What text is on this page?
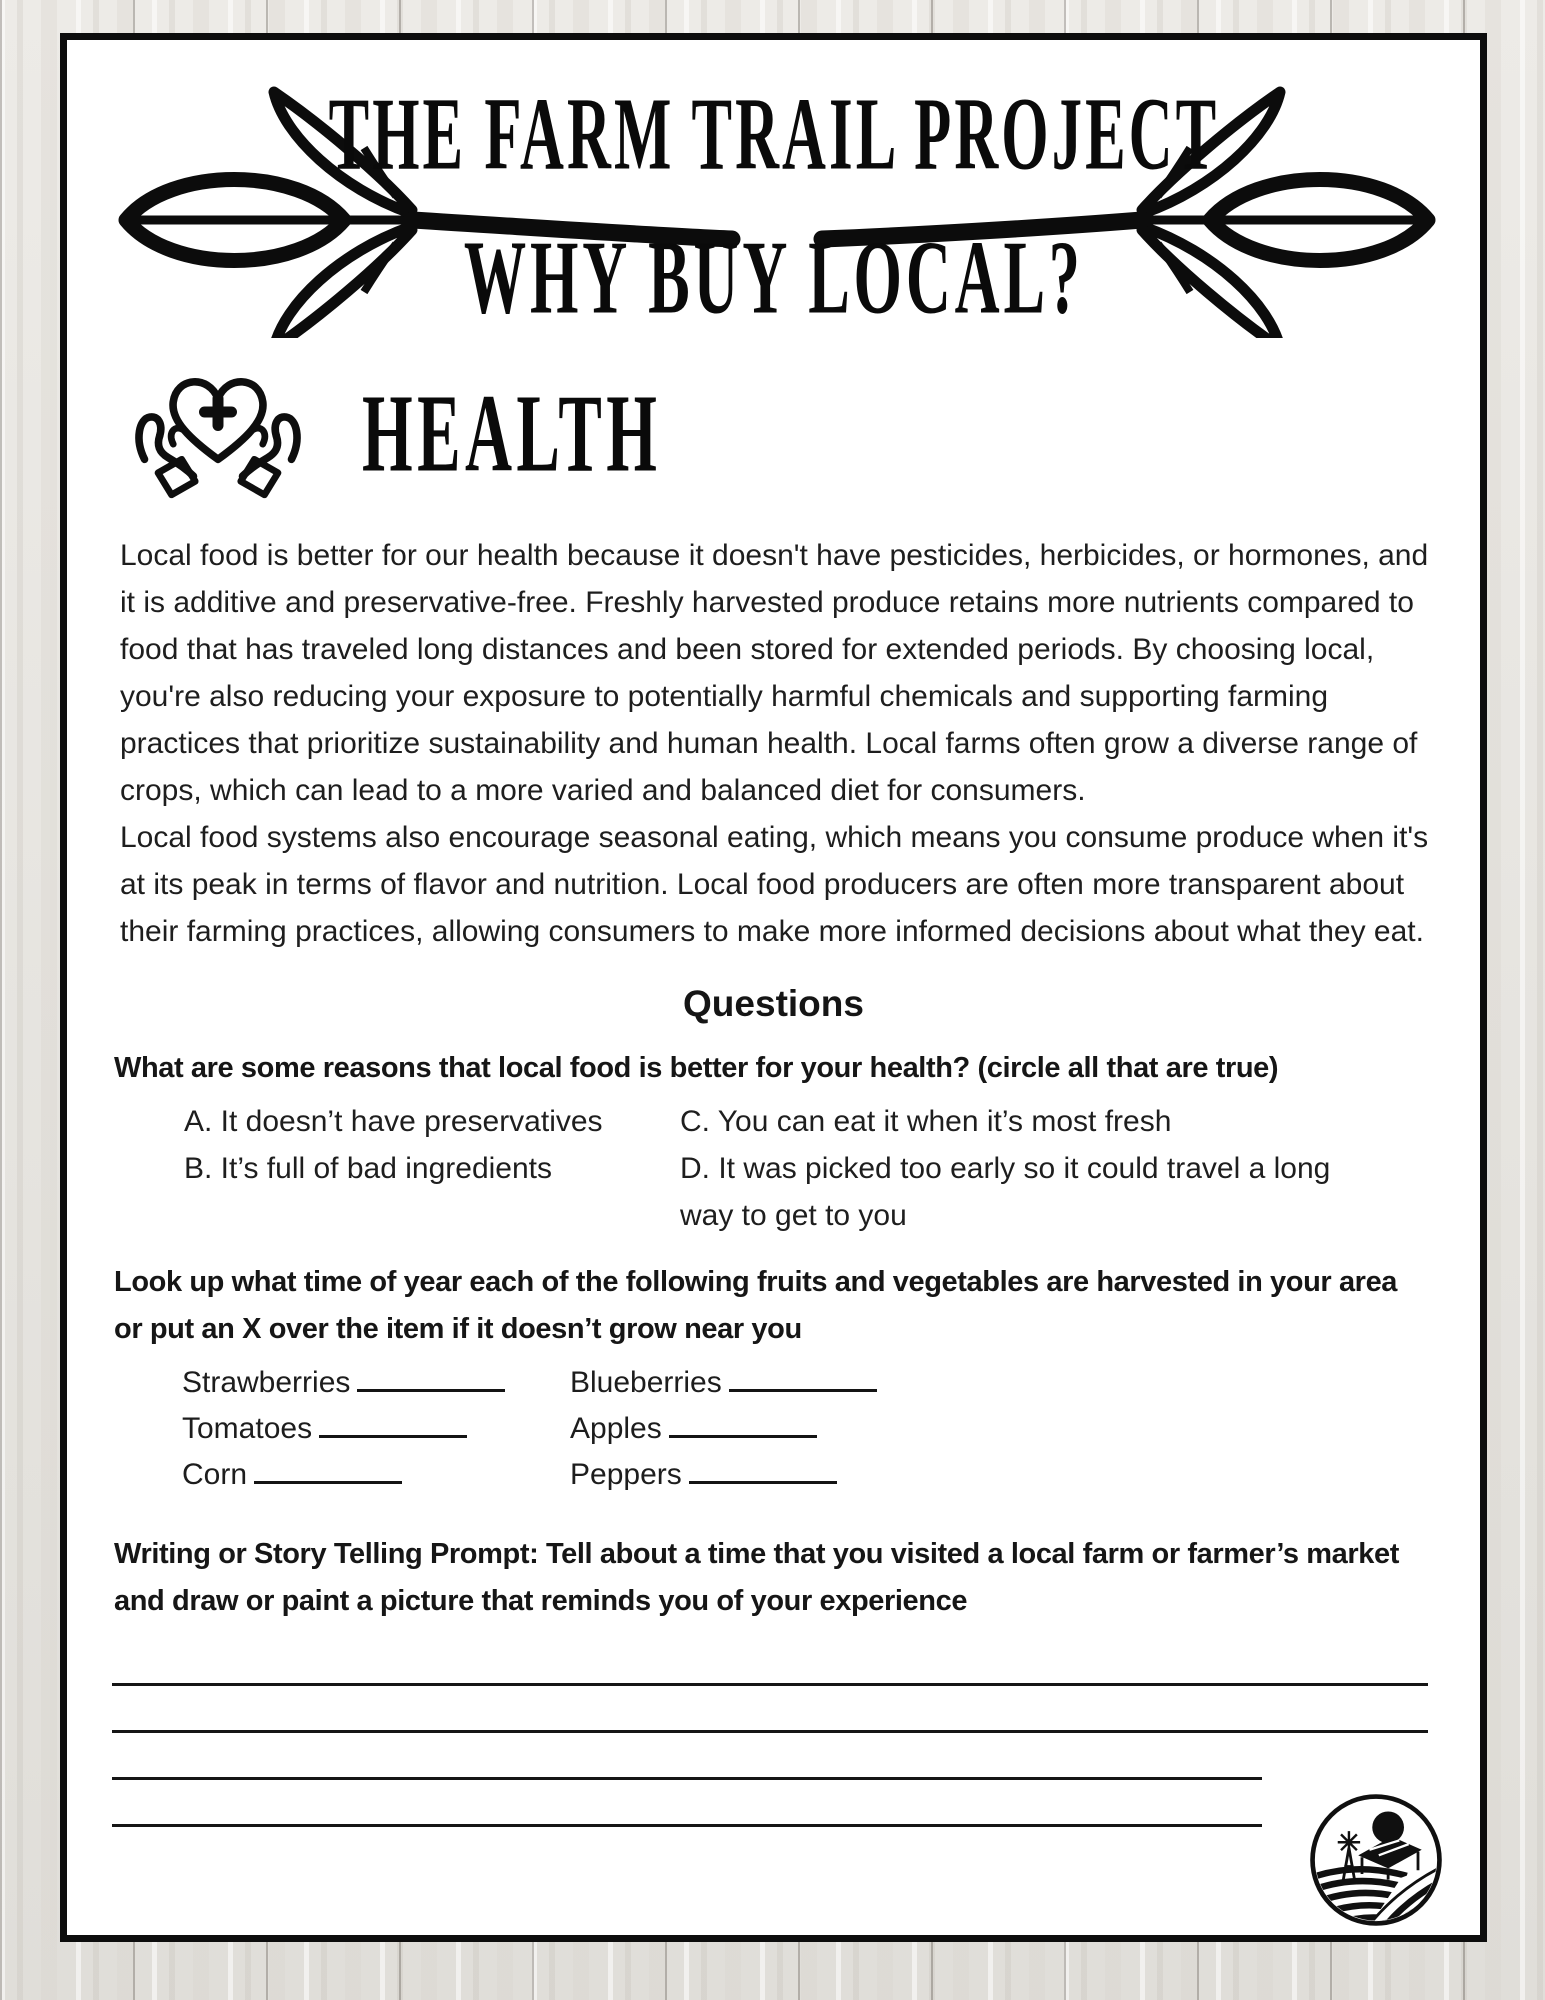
THE FARM TRAIL PROJECT
WHY BUY LOCAL?
HEALTH

Local food is better for our health because it doesn't have pesticides, herbicides, or hormones, and it is additive and preservative-free. Freshly harvested produce retains more nutrients compared to food that has traveled long distances and been stored for extended periods. By choosing local, you're also reducing your exposure to potentially harmful chemicals and supporting farming practices that prioritize sustainability and human health. Local farms often grow a diverse range of crops, which can lead to a more varied and balanced diet for consumers.

Local food systems also encourage seasonal eating, which means you consume produce when it's at its peak in terms of flavor and nutrition. Local food producers are often more transparent about their farming practices, allowing consumers to make more informed decisions about what they eat.

Questions
What are some reasons that local food is better for your health? (circle all that are true)
A. It doesn’t have preservatives
B. It’s full of bad ingredients
C. You can eat it when it’s most fresh
D. It was picked too early so it could travel a long way to get to you
Look up what time of year each of the following fruits and vegetables are harvested in your area or put an X over the item if it doesn’t grow near you
Strawberries	Blueberries
Tomatoes	Apples
Corn	Peppers
Writing or Story Telling Prompt: Tell about a time that you visited a local farm or farmer’s market and draw or paint a picture that reminds you of your experience
